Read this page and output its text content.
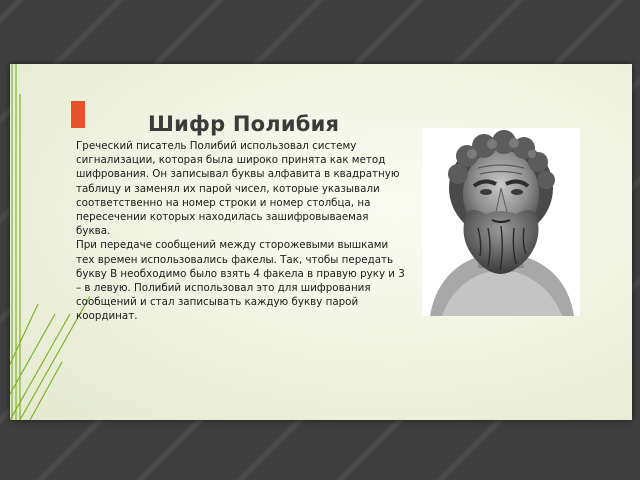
Шифр Полибия

Греческий писатель Полибий использовал систему сигнализации, которая была широко принята как метод шифрования. Он записывал буквы алфавита в квадратную таблицу и заменял их парой чисел, которые указывали соответственно на номер строки и номер столбца, на пересечении которых находилась зашифровываемая буква.

При передаче сообщений между сторожевыми вышками тех времен использовались факелы. Так, чтобы передать букву В необходимо было взять 4 факела в правую руку и 3 – в левую. Полибий использовал это для шифрования сообщений и стал записывать каждую букву парой координат.
